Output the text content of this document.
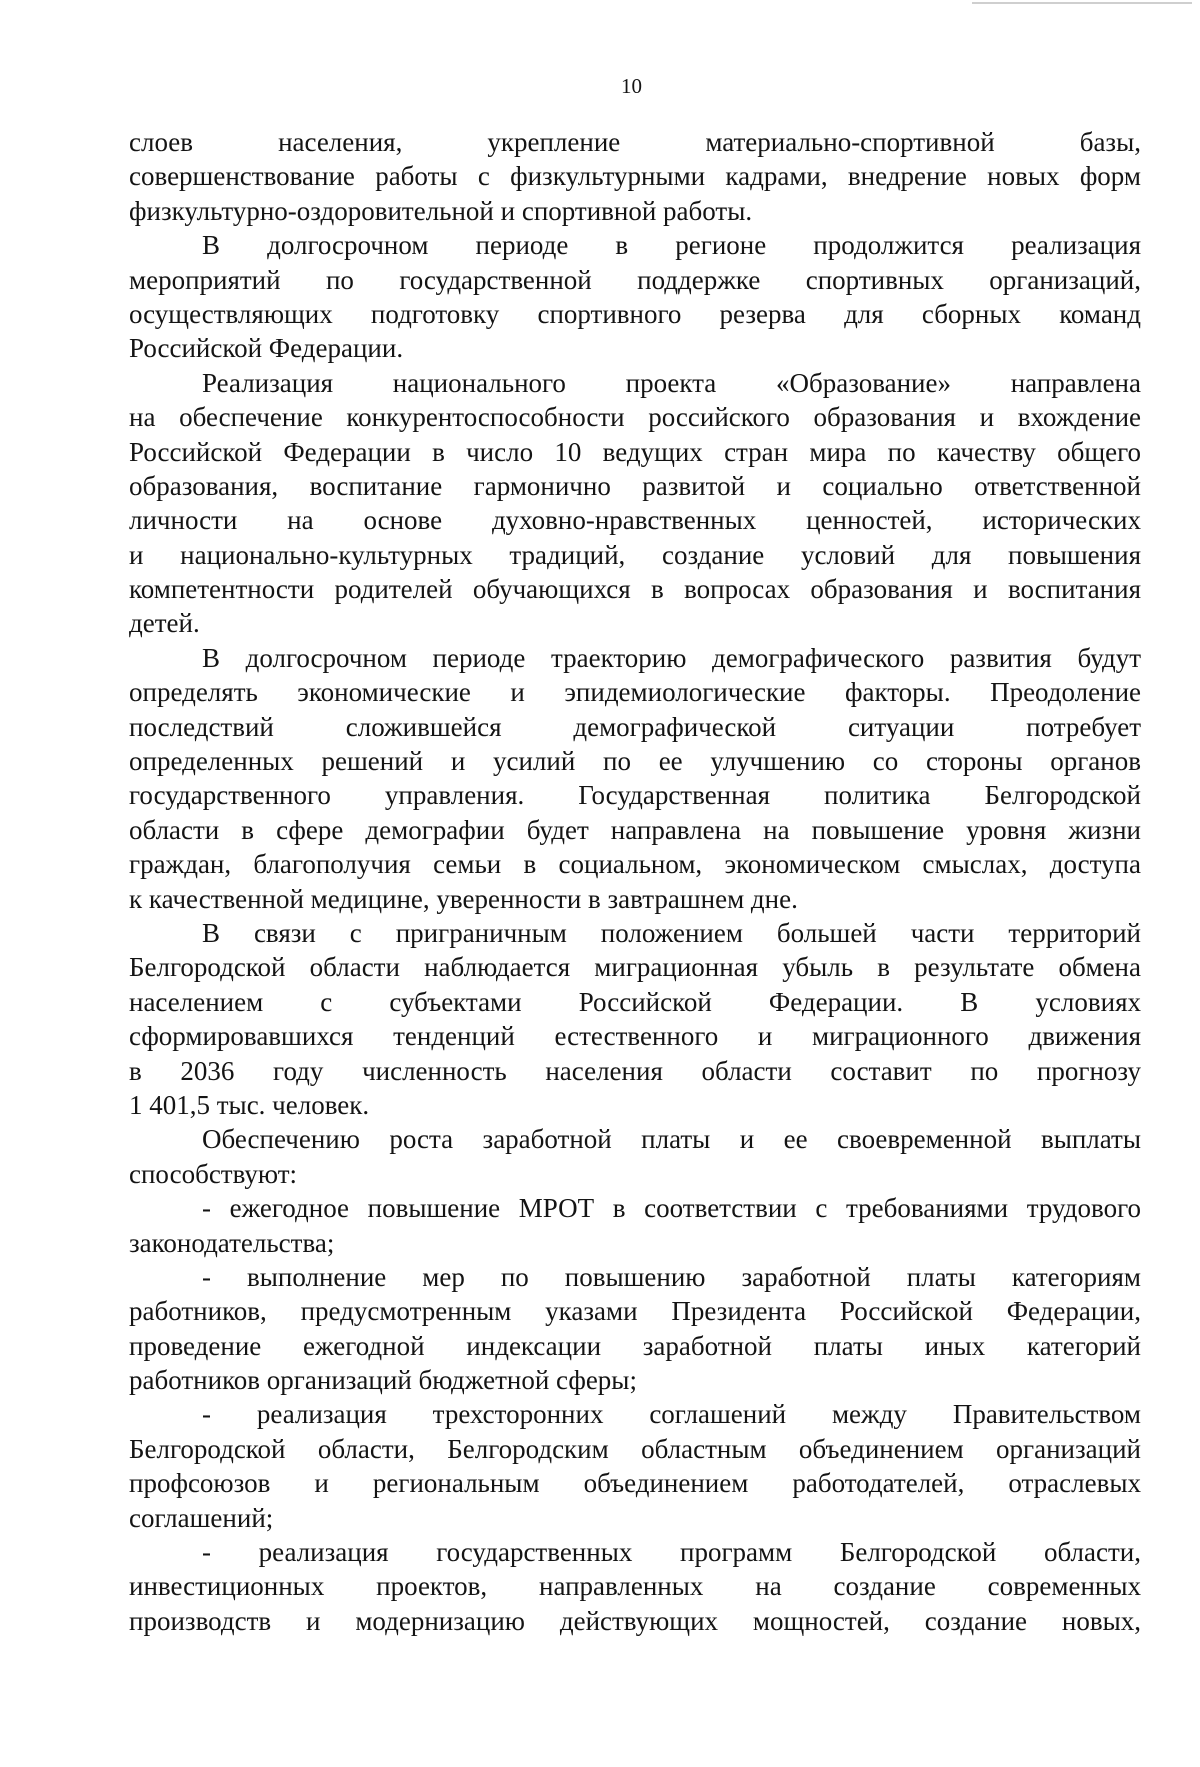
10
слоев населения, укрепление материально-спортивной базы,
совершенствование работы с физкультурными кадрами, внедрение новых форм
физкультурно-оздоровительной и спортивной работы.
В долгосрочном периоде в регионе продолжится реализация
мероприятий по государственной поддержке спортивных организаций,
осуществляющих подготовку спортивного резерва для сборных команд
Российской Федерации.
Реализация национального проекта «Образование» направлена
на обеспечение конкурентоспособности российского образования и вхождение
Российской Федерации в число 10 ведущих стран мира по качеству общего
образования, воспитание гармонично развитой и социально ответственной
личности на основе духовно-нравственных ценностей, исторических
и национально-культурных традиций, создание условий для повышения
компетентности родителей обучающихся в вопросах образования и воспитания
детей.
В долгосрочном периоде траекторию демографического развития будут
определять экономические и эпидемиологические факторы. Преодоление
последствий сложившейся демографической ситуации потребует
определенных решений и усилий по ее улучшению со стороны органов
государственного управления. Государственная политика Белгородской
области в сфере демографии будет направлена на повышение уровня жизни
граждан, благополучия семьи в социальном, экономическом смыслах, доступа
к качественной медицине, уверенности в завтрашнем дне.
В связи с приграничным положением большей части территорий
Белгородской области наблюдается миграционная убыль в результате обмена
населением с субъектами Российской Федерации. В условиях
сформировавшихся тенденций естественного и миграционного движения
в 2036 году численность населения области составит по прогнозу
1 401,5 тыс. человек.
Обеспечению роста заработной платы и ее своевременной выплаты
способствуют:
- ежегодное повышение МРОТ в соответствии с требованиями трудового
законодательства;
- выполнение мер по повышению заработной платы категориям
работников, предусмотренным указами Президента Российской Федерации,
проведение ежегодной индексации заработной платы иных категорий
работников организаций бюджетной сферы;
- реализация трехсторонних соглашений между Правительством
Белгородской области, Белгородским областным объединением организаций
профсоюзов и региональным объединением работодателей, отраслевых
соглашений;
- реализация государственных программ Белгородской области,
инвестиционных проектов, направленных на создание современных
производств и модернизацию действующих мощностей, создание новых,
